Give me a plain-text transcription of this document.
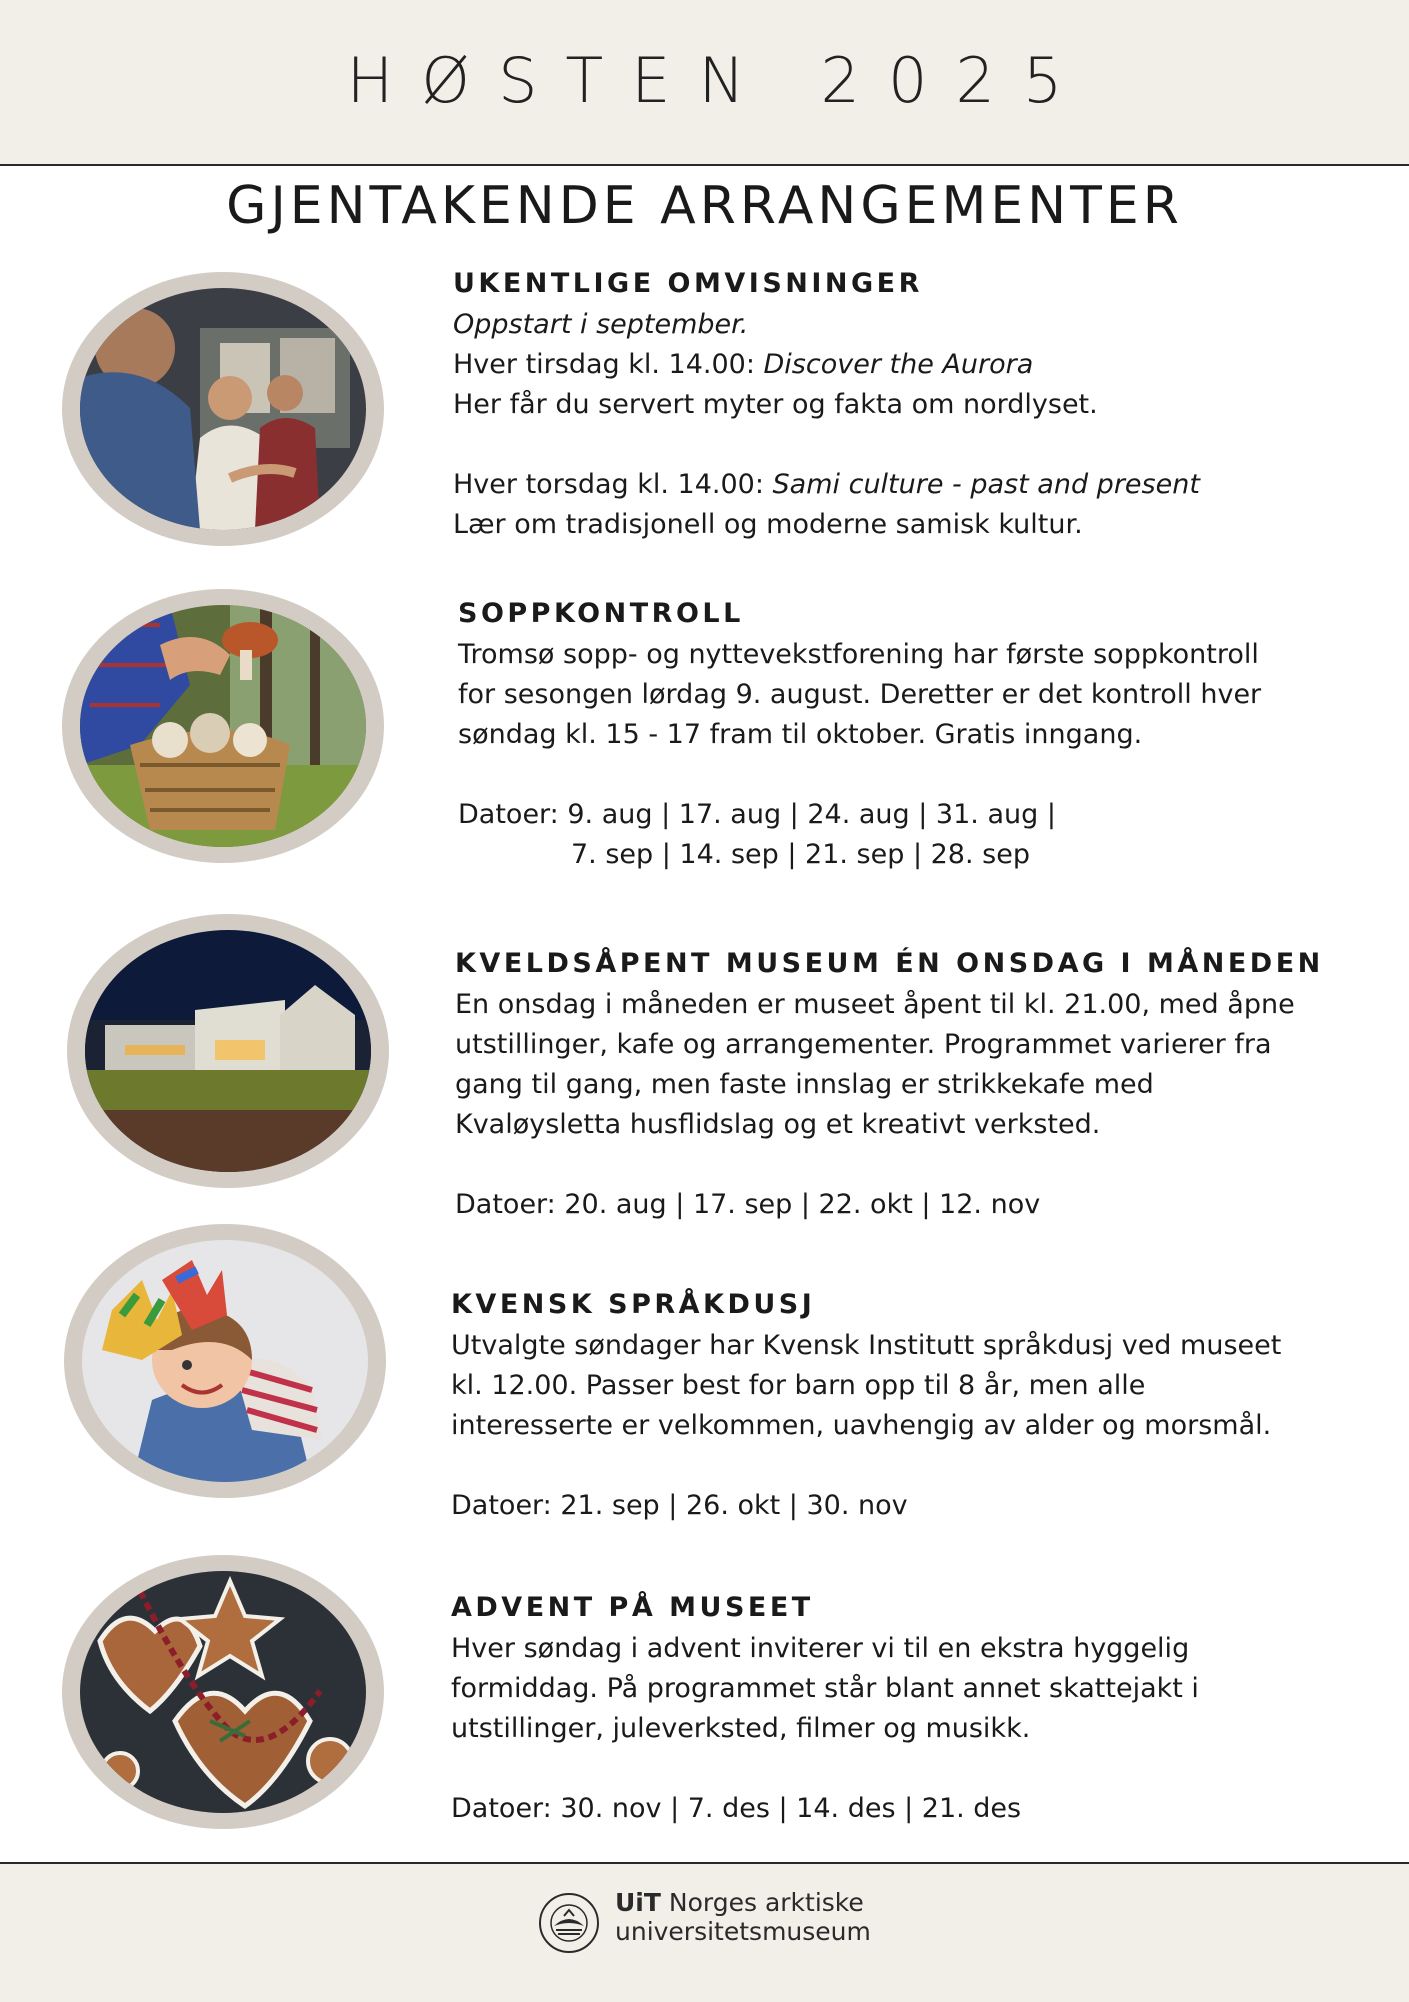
HØSTEN 2025
GJENTAKENDE ARRANGEMENTER
UKENTLIGE OMVISNINGER
Oppstart i september.
Hver tirsdag kl. 14.00: Discover the Aurora
Her får du servert myter og fakta om nordlyset.
Hver torsdag kl. 14.00: Sami culture - past and present
Lær om tradisjonell og moderne samisk kultur.
SOPPKONTROLL
Tromsø sopp- og nyttevekstforening har første soppkontroll
for sesongen lørdag 9. august. Deretter er det kontroll hver
søndag kl. 15 - 17 fram til oktober. Gratis inngang.
Datoer: 9. aug | 17. aug | 24. aug | 31. aug |
7. sep | 14. sep | 21. sep | 28. sep
KVELDSÅPENT MUSEUM ÉN ONSDAG I MÅNEDEN
En onsdag i måneden er museet åpent til kl. 21.00, med åpne
utstillinger, kafe og arrangementer. Programmet varierer fra
gang til gang, men faste innslag er strikkekafe med
Kvaløysletta husflidslag og et kreativt verksted.
Datoer: 20. aug | 17. sep | 22. okt | 12. nov
KVENSK SPRÅKDUSJ
Utvalgte søndager har Kvensk Institutt språkdusj ved museet
kl. 12.00. Passer best for barn opp til 8 år, men alle
interesserte er velkommen, uavhengig av alder og morsmål.
Datoer: 21. sep | 26. okt | 30. nov
ADVENT PÅ MUSEET
Hver søndag i advent inviterer vi til en ekstra hyggelig
formiddag. På programmet står blant annet skattejakt i
utstillinger, juleverksted, filmer og musikk.
Datoer: 30. nov | 7. des | 14. des | 21. des
UiT Norges arktiske
universitetsmuseum
